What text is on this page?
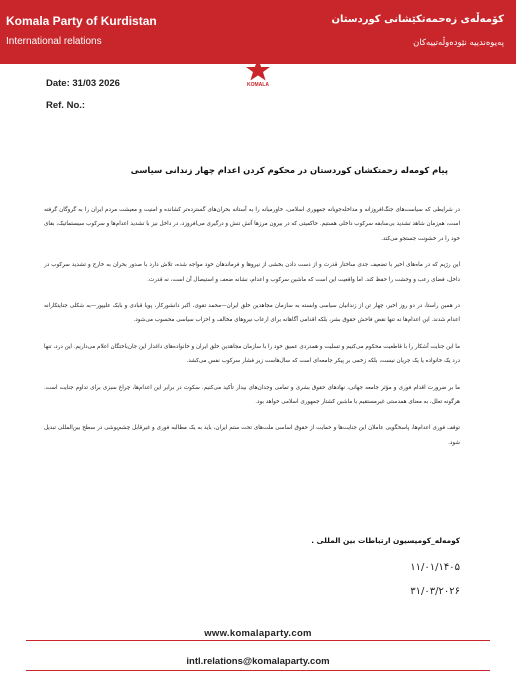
Komala Party of Kurdistan
International relations
کۆمەڵەی زەحمەتکێشانی کوردستان
پەیوەندییە نێودەوڵەتییەکان
KOMALA
Date: 31/03 2026
Ref. No.:
پیام کومه‌له زحمتکشان کوردستان در محکوم کردن اعدام چهار زندانی سیاسی

در شرایطی که سیاست‌های جنگ‌افروزانه و مداخله‌جویانه جمهوری اسلامی، خاورمیانه را به آستانه بحران‌های گسترده‌تر کشانده و امنیت و معیشت مردم ایران را به گروگان گرفته است، هم‌زمان شاهد تشدید بی‌سابقه سرکوب داخلی هستیم. حاکمیتی که در بیرون مرزها آتش تنش و درگیری می‌افروزد، در داخل نیز با تشدید اعدام‌ها و سرکوب سیستماتیک، بقای خود را در خشونت جستجو می‌کند.

این رژیم که در ماه‌های اخیر با تضعیف جدی ساختار قدرت و از دست دادن بخشی از نیروها و فرماندهان خود مواجه شده، تلاش دارد با صدور بحران به خارج و تشدید سرکوب در داخل، فضای رعب و وحشت را حفظ کند. اما واقعیت این است که ماشین سرکوب و اعدام، نشانه ضعف و استیصال آن است، نه قدرت.

در همین راستا، در دو روز اخیر، چهار تن از زندانیان سیاسی وابسته به سازمان مجاهدین خلق ایران—محمد تقوی، اکبر دانشورکار، پویا قبادی و بابک علیپور—به شکلی جنایتکارانه اعدام شدند. این اعدام‌ها نه تنها نقض فاحش حقوق بشر، بلکه اقدامی آگاهانه برای ارعاب نیروهای مخالف و احزاب سیاسی محسوب می‌شود.

ما این جنایت آشکار را با قاطعیت محکوم می‌کنیم و تسلیت و همدردی عمیق خود را با سازمان مجاهدین خلق ایران و خانواده‌های داغدار این جان‌باختگان اعلام می‌داریم. این درد، تنها درد یک خانواده یا یک جریان نیست، بلکه زخمی بر پیکر جامعه‌ای است که سال‌هاست زیر فشار سرکوب نفس می‌کشد.

ما بر ضرورت اقدام فوری و مؤثر جامعه جهانی، نهادهای حقوق بشری و تمامی وجدان‌های بیدار تأکید می‌کنیم. سکوت در برابر این اعدام‌ها، چراغ سبزی برای تداوم جنایت است. هرگونه تعلل، به معنای همدستی غیرمستقیم با ماشین کشتار جمهوری اسلامی خواهد بود.

توقف فوری اعدام‌ها، پاسخگویی عاملان این جنایت‌ها و حمایت از حقوق اساسی ملت‌های تحت ستم ایران، باید به یک مطالبه فوری و غیرقابل چشم‌پوشی در سطح بین‌المللی تبدیل شود.

کومه‌له_کومیسیون ارتباطات بین المللی .
۱۱/۰۱/۱۴۰۵
۳۱/۰۳/۲۰۲۶
www.komalaparty.com
intl.relations@komalaparty.com
